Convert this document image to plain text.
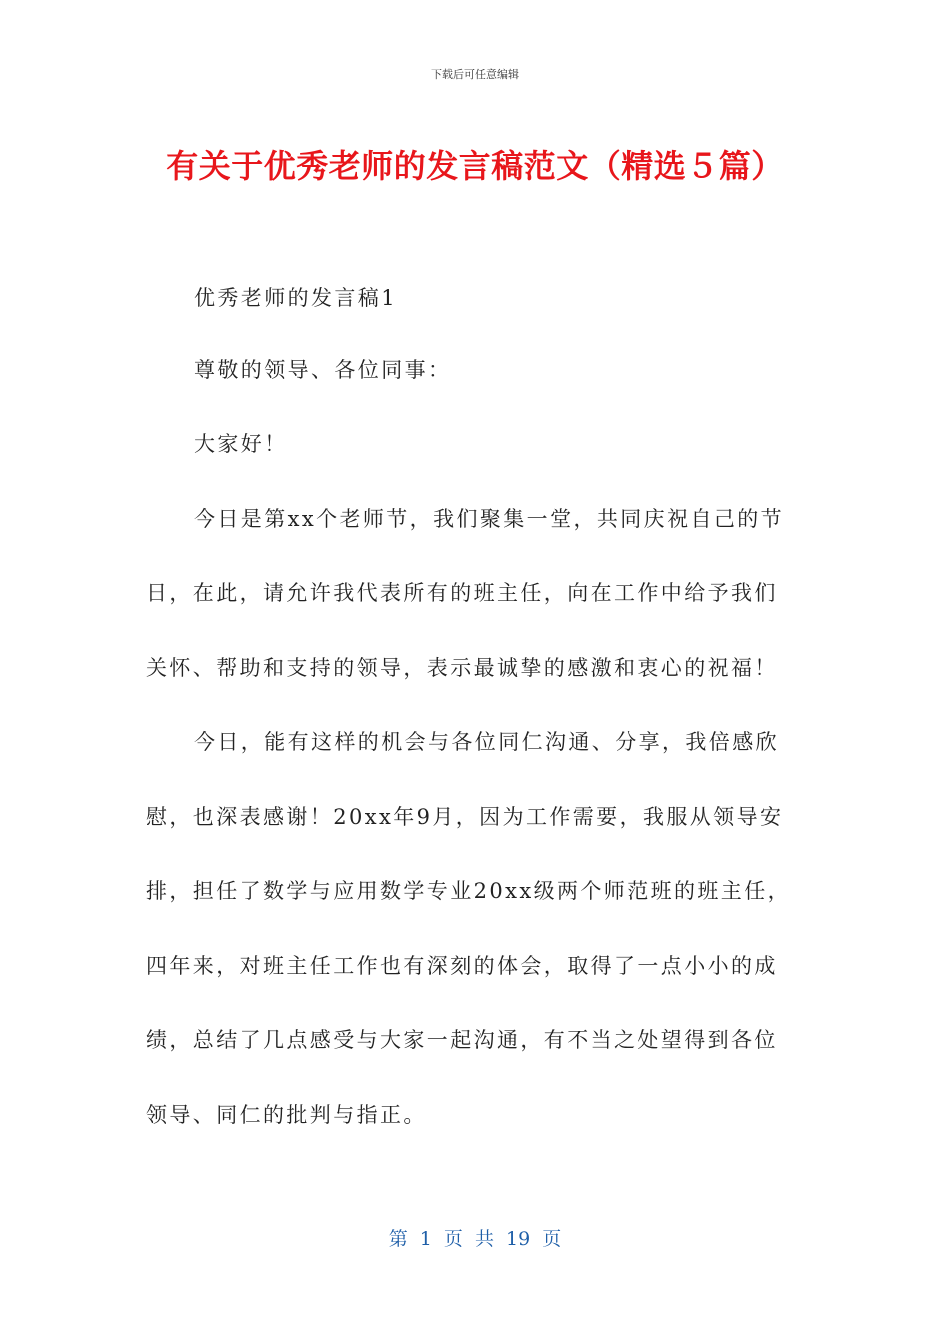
下载后可任意编辑
有关于优秀老师的发言稿范文（精选５篇）
优秀老师的发言稿1
尊敬的领导、各位同事：
大家好！
今日是第xx个老师节，我们聚集一堂，共同庆祝自己的节
日，在此，请允许我代表所有的班主任，向在工作中给予我们
关怀、帮助和支持的领导，表示最诚挚的感激和衷心的祝福！
今日，能有这样的机会与各位同仁沟通、分享，我倍感欣
慰，也深表感谢！20xx年9月，因为工作需要，我服从领导安
排，担任了数学与应用数学专业20xx级两个师范班的班主任，
四年来，对班主任工作也有深刻的体会，取得了一点小小的成
绩，总结了几点感受与大家一起沟通，有不当之处望得到各位
领导、同仁的批判与指正。
第 1 页 共 19 页
